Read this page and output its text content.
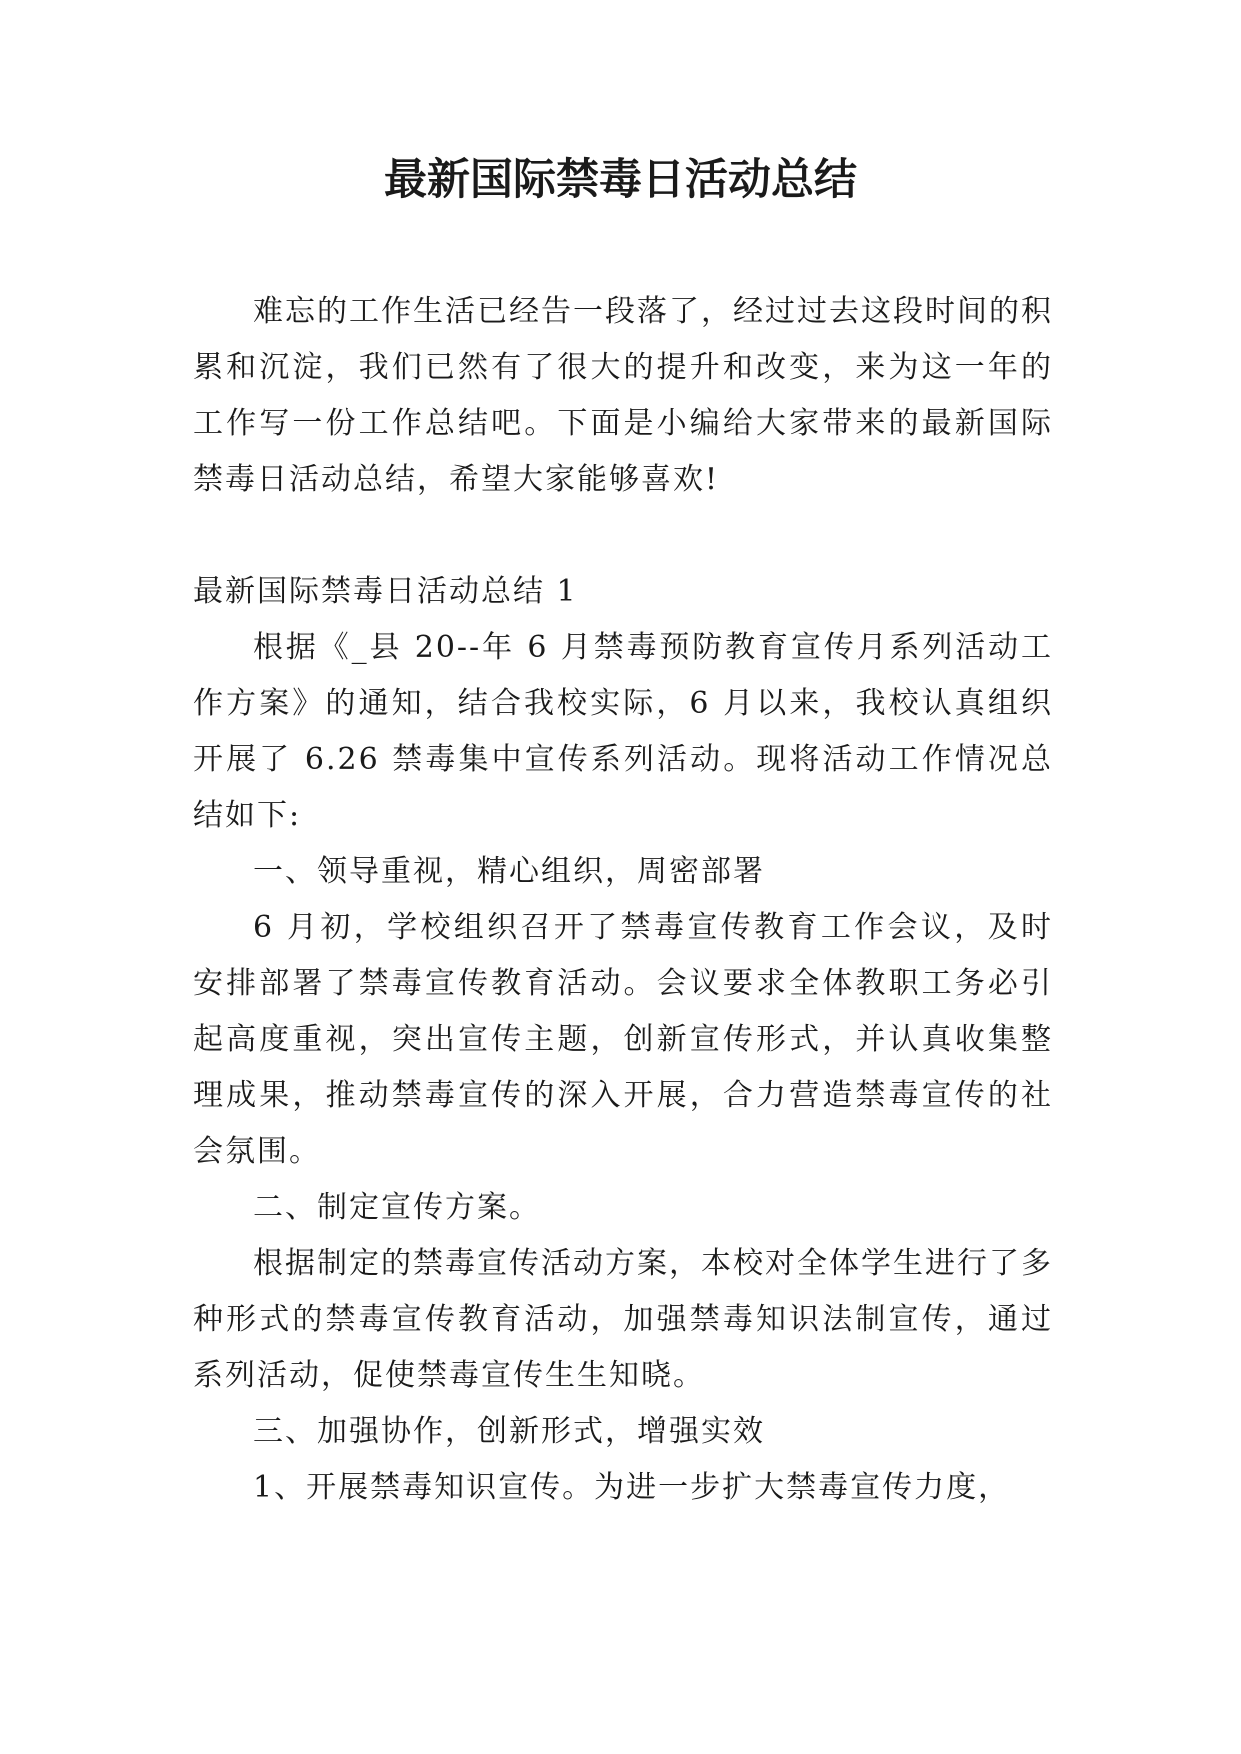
最新国际禁毒日活动总结

难忘的工作生活已经告一段落了，经过过去这段时间的积累和沉淀，我们已然有了很大的提升和改变，来为这一年的工作写一份工作总结吧。下面是小编给大家带来的最新国际禁毒日活动总结，希望大家能够喜欢!

最新国际禁毒日活动总结 1

根据《_县 20--年 6 月禁毒预防教育宣传月系列活动工作方案》的通知，结合我校实际，6 月以来，我校认真组织开展了 6.26 禁毒集中宣传系列活动。现将活动工作情况总结如下:

一、领导重视，精心组织，周密部署

6 月初，学校组织召开了禁毒宣传教育工作会议，及时安排部署了禁毒宣传教育活动。会议要求全体教职工务必引起高度重视，突出宣传主题，创新宣传形式，并认真收集整理成果，推动禁毒宣传的深入开展，合力营造禁毒宣传的社会氛围。

二、制定宣传方案。

根据制定的禁毒宣传活动方案，本校对全体学生进行了多种形式的禁毒宣传教育活动，加强禁毒知识法制宣传，通过系列活动，促使禁毒宣传生生知晓。

三、加强协作，创新形式，增强实效

1、开展禁毒知识宣传。为进一步扩大禁毒宣传力度，
